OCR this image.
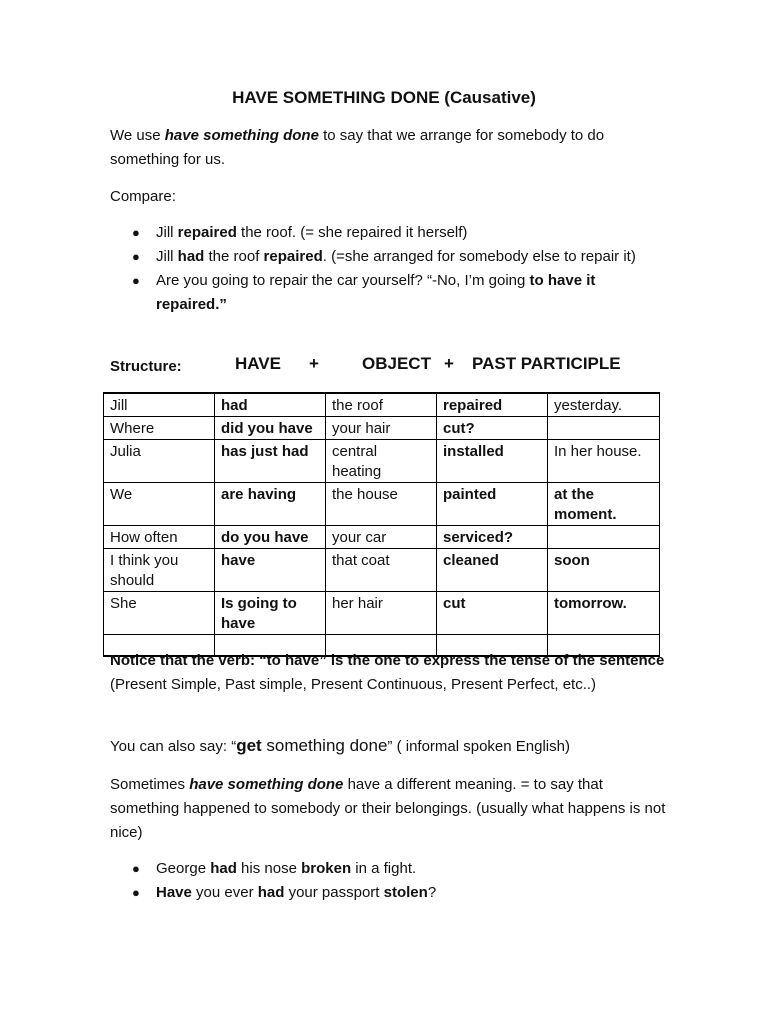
HAVE SOMETHING DONE (Causative)
We use have something done to say that we arrange for somebody to do something for us.
Compare:
● Jill repaired the roof. (= she repaired it herself)
● Jill had the roof repaired. (=she arranged for somebody else to repair it)
● Are you going to repair the car yourself? “-No, I’m going to have it repaired.”
Structure:	HAVE +	OBJECT + PAST PARTICIPLE
Jill	had	the roof	repaired	yesterday.
Where	did you have	your hair	cut?	
Julia	has just had	central heating	installed	In her house.
We	are having	the house	painted	at the moment.
How often	do you have	your car	serviced?	
I think you should	have	that coat	cleaned	soon
She	Is going to have	her hair	cut	tomorrow.

Notice that the verb: “to have” is the one to express the tense of the sentence (Present Simple, Past simple, Present Continuous, Present Perfect, etc..)
You can also say: “get something done” ( informal spoken English)
Sometimes have something done have a different meaning. = to say that something happened to somebody or their belongings. (usually what happens is not nice)
● George had his nose broken in a fight.
● Have you ever had your passport stolen?
